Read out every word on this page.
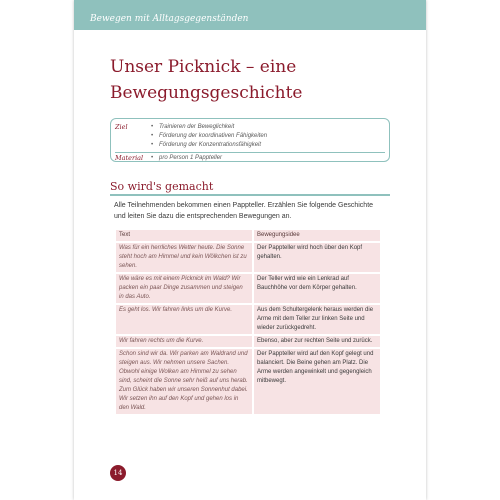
Bewegen mit Alltagsgegenständen

Unser Picknick – eine
Bewegungsgeschichte
Ziel	• Trainieren der Beweglichkeit
• Förderung der koordinativen Fähigkeiten
• Förderung der Konzentrationsfähigkeit
Material	• pro Person 1 Pappteller
So wird's gemacht

Alle Teilnehmenden bekommen einen Pappteller. Erzählen Sie folgende Geschichte und leiten Sie dazu die entsprechenden Bewegungen an.

Text	Bewegungsidee
Was für ein herrliches Wetter heute. Die Sonne steht hoch am Himmel und kein Wölkchen ist zu sehen.	Der Pappteller wird hoch über den Kopf gehalten.
Wie wäre es mit einem Picknick im Wald? Wir packen ein paar Dinge zusammen und steigen in das Auto.	Der Teller wird wie ein Lenkrad auf Bauchhöhe vor dem Körper gehalten.
Es geht los. Wir fahren links um die Kurve.	Aus dem Schultergelenk heraus werden die Arme mit dem Teller zur linken Seite und wieder zurückgedreht.
Wir fahren rechts um die Kurve.	Ebenso, aber zur rechten Seite und zurück.
Schon sind wir da. Wir parken am Waldrand und steigen aus. Wir nehmen unsere Sachen. Obwohl einige Wolken am Himmel zu sehen sind, scheint die Sonne sehr heiß auf uns herab. Zum Glück haben wir unseren Sonnenhut dabei. Wir setzen ihn auf den Kopf und gehen los in den Wald.	Der Pappteller wird auf den Kopf gelegt und balanciert. Die Beine gehen am Platz. Die Arme werden angewinkelt und gegengleich mitbewegt.
14
